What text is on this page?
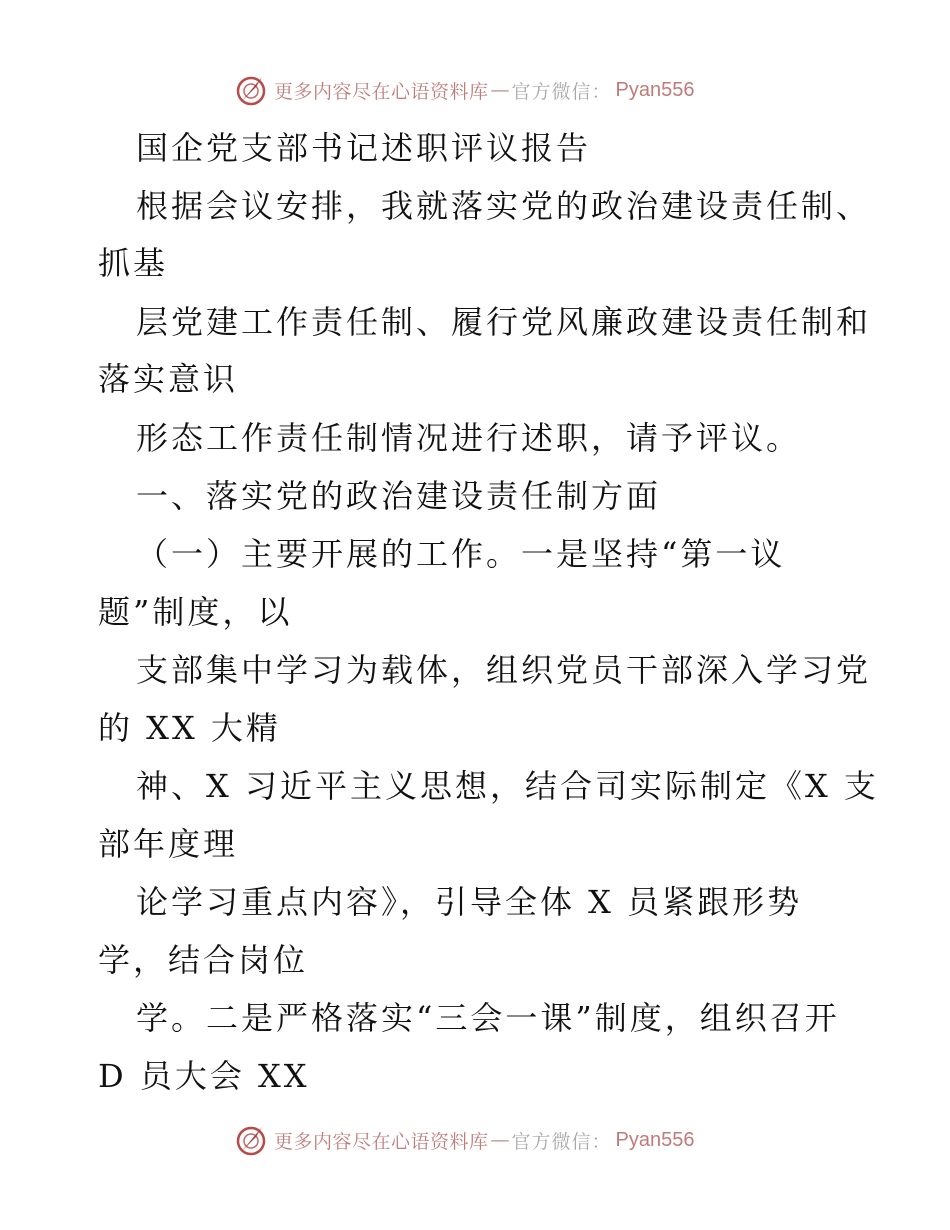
更多内容尽在心语资料库 — 官方微信： Pyan556
国企党支部书记述职评议报告
根据会议安排，我就落实党的政治建设责任制、
抓基
层党建工作责任制、履行党风廉政建设责任制和
落实意识
形态工作责任制情况进行述职，请予评议。
一、落实党的政治建设责任制方面
（一）主要开展的工作。一是坚持“第一议
题”制度，以
支部集中学习为载体，组织党员干部深入学习党
的 XX 大精
神、X 习近平主义思想，结合司实际制定《X 支
部年度理
论学习重点内容》，引导全体 X 员紧跟形势
学，结合岗位
学。二是严格落实“三会一课”制度，组织召开
D 员大会 XX
更多内容尽在心语资料库 — 官方微信： Pyan556
